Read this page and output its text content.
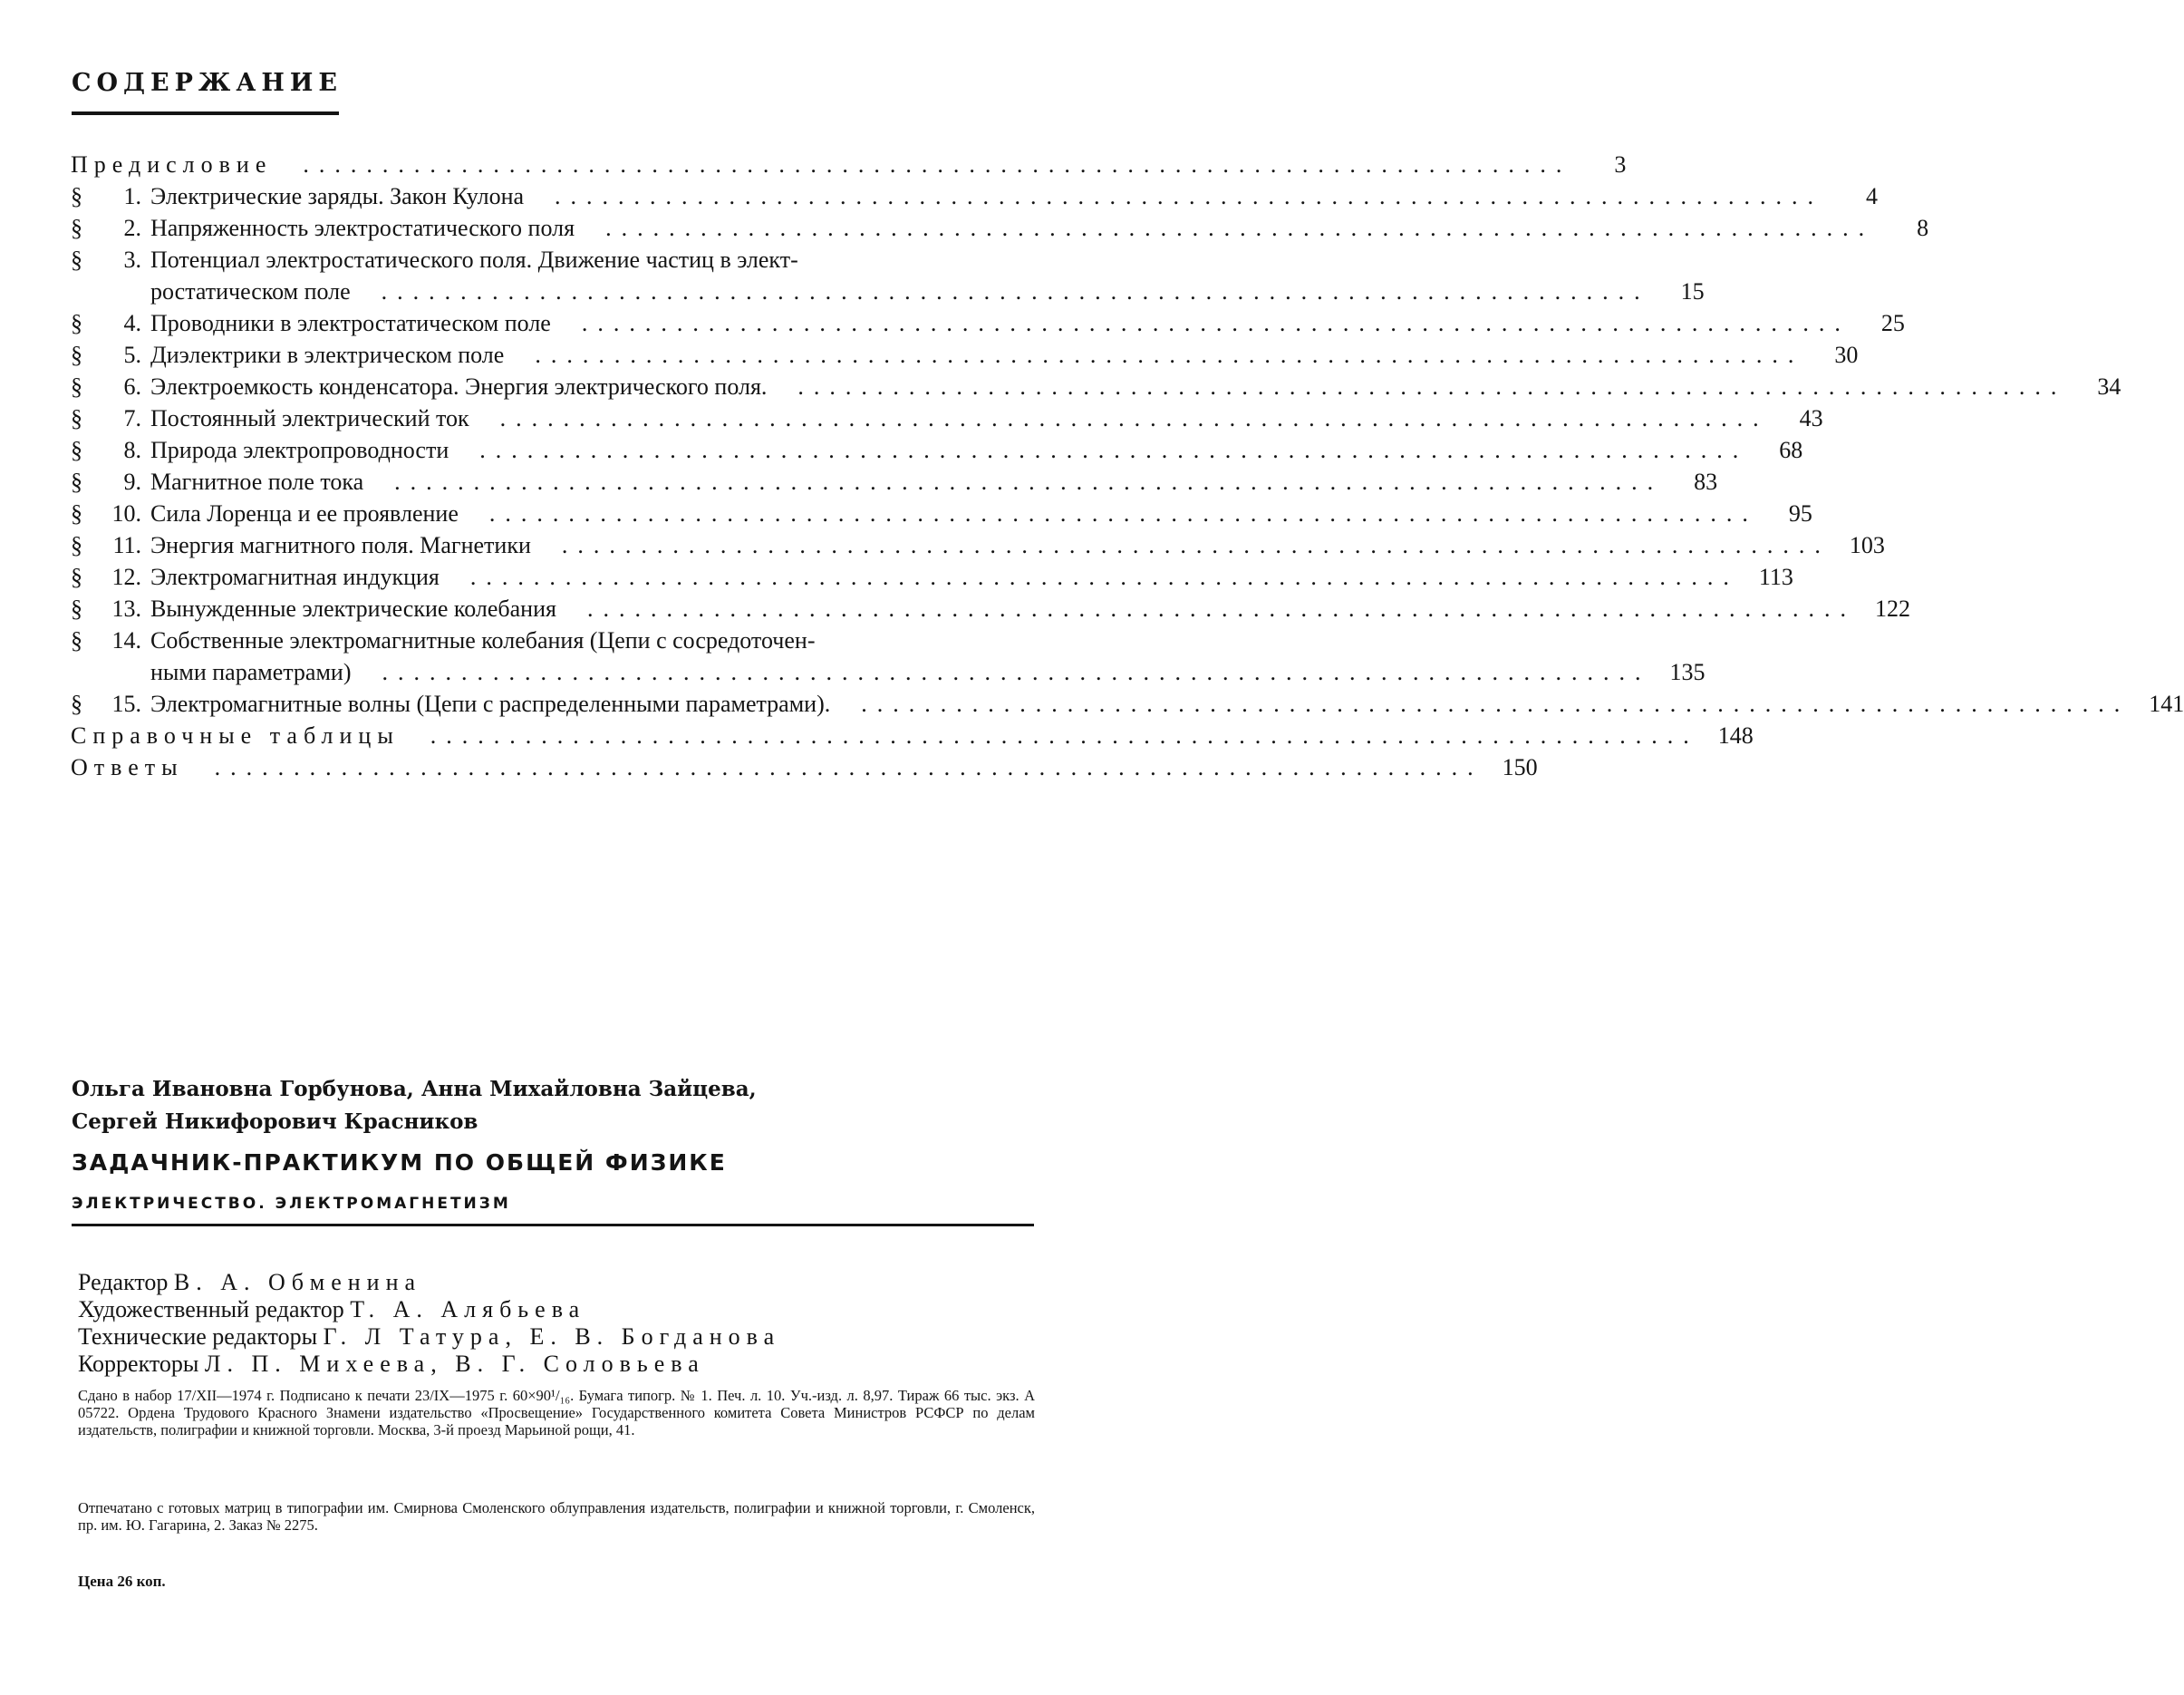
СОДЕРЖАНИЕ
Предисловие ................................................................................	3
§	1. Электрические заряды. Закон Кулона ................................................................................	4
§	2. Напряженность электростатического поля ................................................................................	8
§	3. Потенциал электростатического поля. Движение частиц в элект-
ростатическом поле ................................................................................	15
§	4. Проводники в электростатическом поле ................................................................................	25
§	5. Диэлектрики в электрическом поле ................................................................................	30
§	6. Электроемкость конденсатора. Энергия электрического поля. ................................................................................	34
§	7. Постоянный электрический ток ................................................................................	43
§	8. Природа электропроводности ................................................................................	68
§	9. Магнитное поле тока ................................................................................	83
§	10. Сила Лоренца и ее проявление ................................................................................	95
§	11. Энергия магнитного поля. Магнетики ................................................................................ 103
§	12. Электромагнитная индукция ................................................................................ 113
§	13. Вынужденные электрические колебания ................................................................................ 122
§	14. Собственные электромагнитные колебания (Цепи с сосредоточен-
ными параметрами) ................................................................................ 135
§	15. Электромагнитные волны (Цепи с распределенными параметрами). ................................................................................ 141
Справочные таблицы ................................................................................ 148
Ответы ................................................................................ 150
Ольга Ивановна Горбунова, Анна Михайловна Зайцева,
Сергей Никифорович Красников
ЗАДАЧНИК-ПРАКТИКУМ ПО ОБЩЕЙ ФИЗИКЕ
ЭЛЕКТРИЧЕСТВО. ЭЛЕКТРОМАГНЕТИЗМ
Редактор В. А. Обменина
Художественный редактор Т. А. Алябьева
Технические редакторы Г. Л Татура, Е. В. Богданова
Корректоры Л. П. Михеева, В. Г. Соловьева
Сдано в набор 17/XII—1974 г. Подписано к печати 23/IX—1975 г. 60×90¹/₁₆. Бумага типогр. № 1. Печ. л. 10. Уч.-изд. л. 8,97. Тираж 66 тыс. экз. А 05722. Ордена Трудового Красного Знамени издательство «Просвещение» Государственного комитета Совета Министров РСФСР по делам издательств, полиграфии и книжной торговли. Москва, 3-й проезд Марьиной рощи, 41.
Отпечатано с готовых матриц в типографии им. Смирнова Смоленского облуправления издательств, полиграфии и книжной торговли, г. Смоленск, пр. им. Ю. Гагарина, 2. Заказ № 2275.
Цена 26 коп.
